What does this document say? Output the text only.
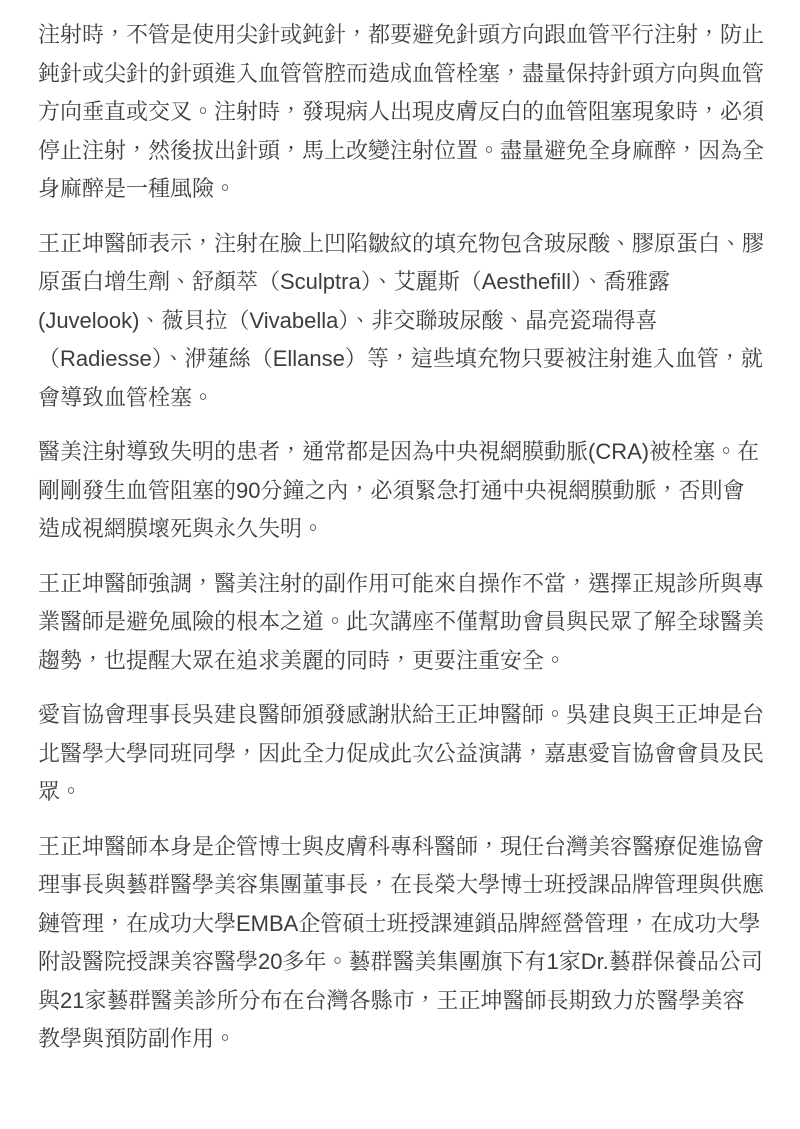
注射時，不管是使用尖針或鈍針，都要避免針頭方向跟血管平行注射，防止鈍針或尖針的針頭進入血管管腔而造成血管栓塞，盡量保持針頭方向與血管方向垂直或交叉。注射時，發現病人出現皮膚反白的血管阻塞現象時，必須停止注射，然後拔出針頭，馬上改變注射位置。盡量避免全身麻醉，因為全身麻醉是一種風險。

王正坤醫師表示，注射在臉上凹陷皺紋的填充物包含玻尿酸、膠原蛋白、膠原蛋白增生劑、舒顏萃（Sculptra）、艾麗斯（Aesthefill）、喬雅露(Juvelook)、薇貝拉（Vivabella）、非交聯玻尿酸、晶亮瓷瑞得喜（Radiesse）、洢蓮絲（Ellanse）等，這些填充物只要被注射進入血管，就會導致血管栓塞。

醫美注射導致失明的患者，通常都是因為中央視網膜動脈(CRA)被栓塞。在剛剛發生血管阻塞的90分鐘之內，必須緊急打通中央視網膜動脈，否則會造成視網膜壞死與永久失明。

王正坤醫師強調，醫美注射的副作用可能來自操作不當，選擇正規診所與專業醫師是避免風險的根本之道。此次講座不僅幫助會員與民眾了解全球醫美趨勢，也提醒大眾在追求美麗的同時，更要注重安全。

愛盲協會理事長吳建良醫師頒發感謝狀給王正坤醫師。吳建良與王正坤是台北醫學大學同班同學，因此全力促成此次公益演講，嘉惠愛盲協會會員及民眾。

王正坤醫師本身是企管博士與皮膚科專科醫師，現任台灣美容醫療促進協會理事長與藝群醫學美容集團董事長，在長榮大學博士班授課品牌管理與供應鏈管理，在成功大學EMBA企管碩士班授課連鎖品牌經營管理，在成功大學附設醫院授課美容醫學20多年。藝群醫美集團旗下有1家Dr.藝群保養品公司與21家藝群醫美診所分布在台灣各縣市，王正坤醫師長期致力於醫學美容教學與預防副作用。
